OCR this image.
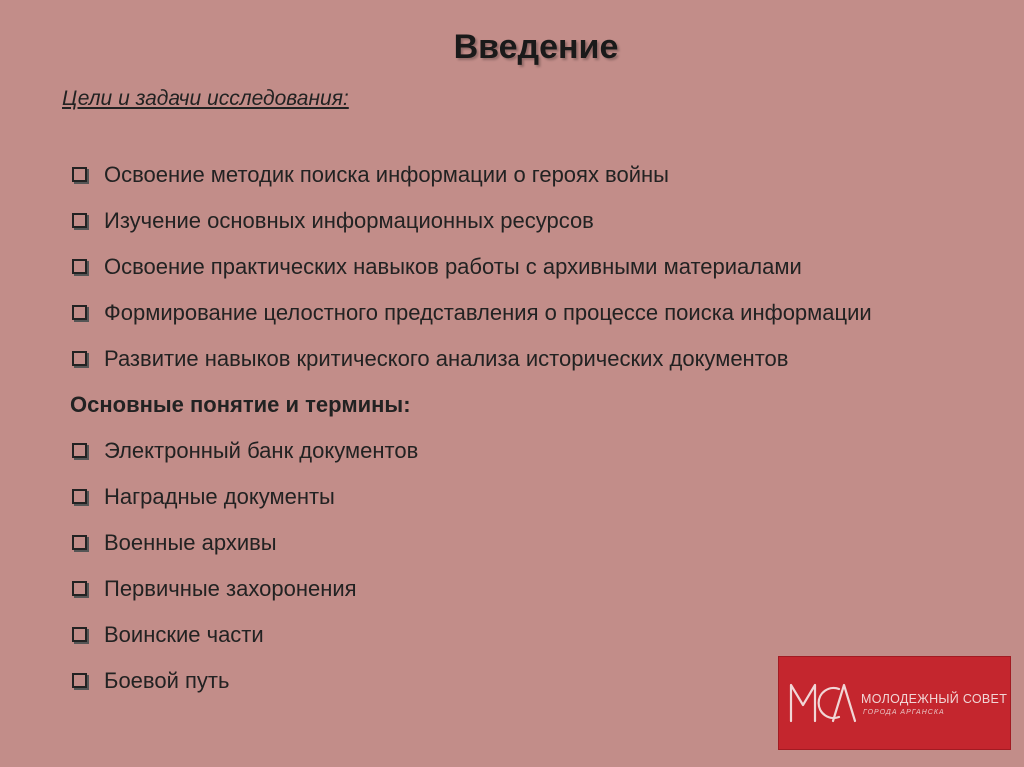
Введение
Цели и задачи исследования:
Освоение методик поиска информации о героях войны
Изучение основных информационных ресурсов
Освоение практических навыков работы с архивными материалами
Формирование целостного представления о процессе поиска информации
Развитие навыков критического анализа исторических документов
Основные понятие и термины:
Электронный банк документов
Наградные документы
Военные архивы
Первичные захоронения
Воинские части
Боевой путь
МОЛОДЕЖНЫЙ СОВЕТ
ГОРОДА АРГАНСКА
